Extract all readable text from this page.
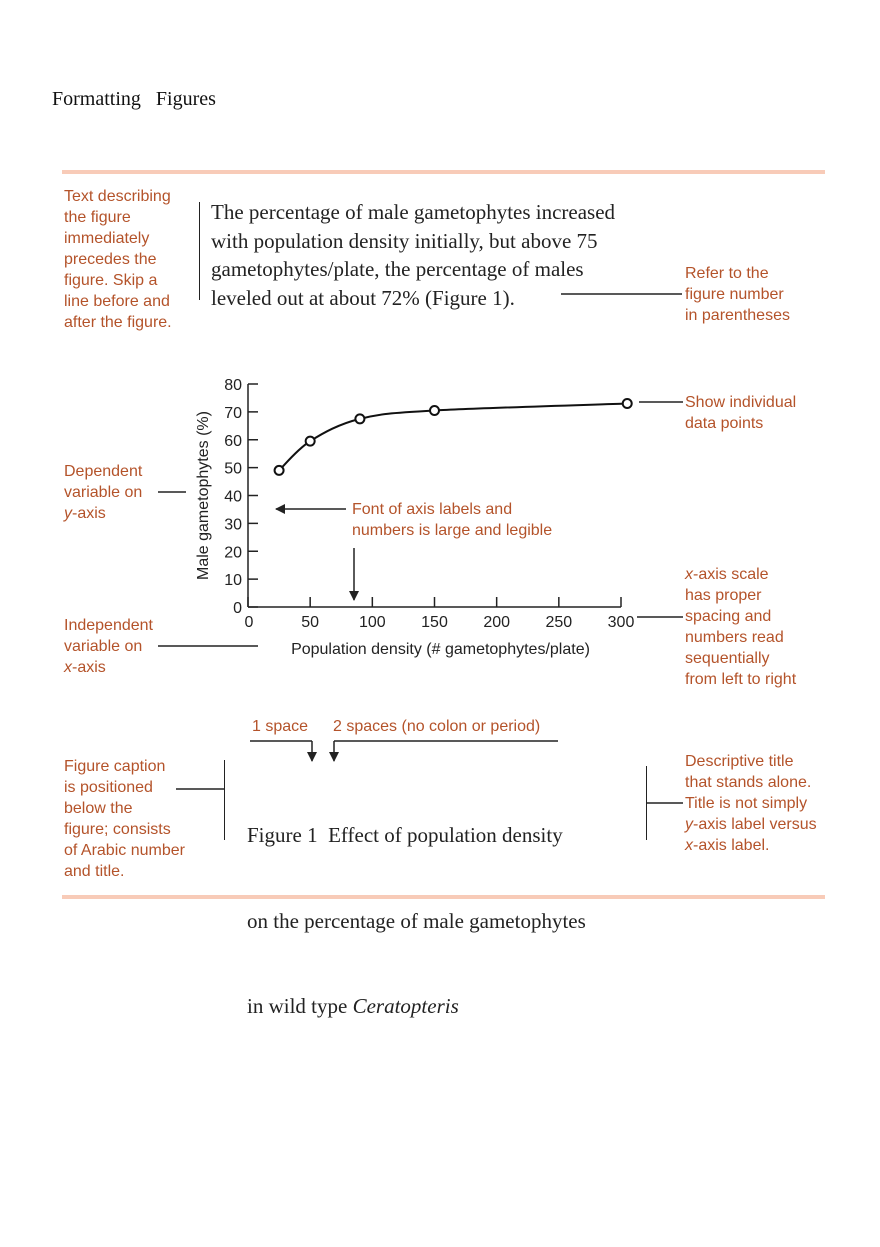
Formatting   Figures
Text describing
the figure
immediately
precedes the
figure. Skip a
line before and
after the figure.
The percentage of male gametophytes increased
with population density initially, but above 75
gametophytes/plate, the percentage of males
leveled out at about 72% (Figure 1).
Refer to the
figure number
in parentheses
Show individual
data points
Dependent
variable on
y-axis	Font of axis labels and
numbers is large and legible
x-axis scale
has proper
spacing and
numbers read
sequentially
from left to right
Independent
variable on
x-axis
1 space 2 spaces (no colon or period)
Figure caption
is positioned
below the
figure; consists
of Arabic number
and title.

Figure 1 Effect of population density

on the percentage of male gametophytes

in wild type Ceratopteris

Descriptive title
that stands alone.
Title is not simply
y-axis label versus
x-axis label.
0
10
20
30
40
50
60
70
80
0	50 100 150 200 250 300
Population density (# gametophytes/plate)
Male gametophytes (%)
